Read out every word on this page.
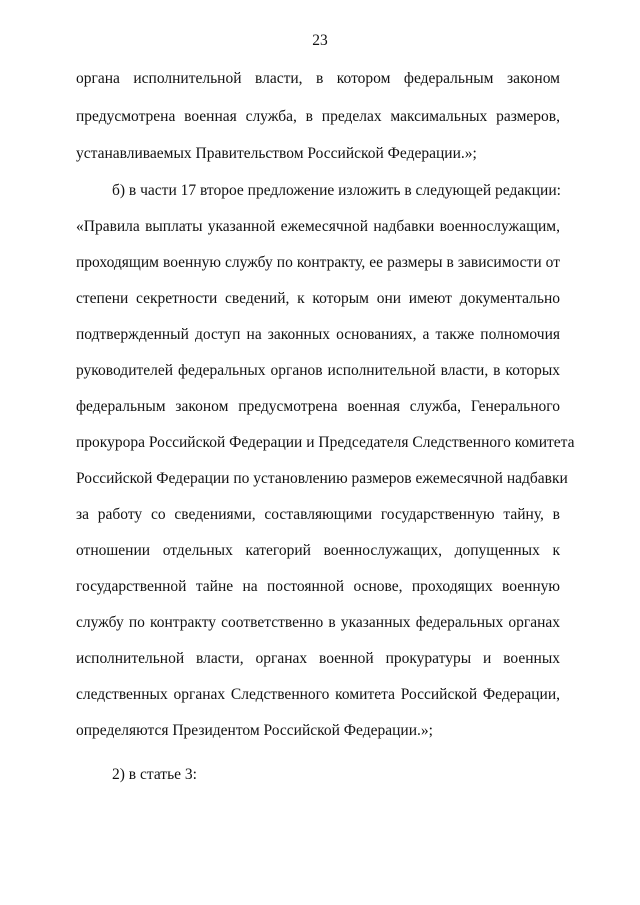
23
органа исполнительной власти, в котором федеральным законом
предусмотрена военная служба, в пределах максимальных размеров,
устанавливаемых Правительством Российской Федерации.»;
б) в части 17 второе предложение изложить в следующей редакции:
«Правила выплаты указанной ежемесячной надбавки военнослужащим,
проходящим военную службу по контракту, ее размеры в зависимости от
степени секретности сведений, к которым они имеют документально
подтвержденный доступ на законных основаниях, а также полномочия
руководителей федеральных органов исполнительной власти, в которых
федеральным законом предусмотрена военная служба, Генерального
прокурора Российской Федерации и Председателя Следственного комитета
Российской Федерации по установлению размеров ежемесячной надбавки
за работу со сведениями, составляющими государственную тайну, в
отношении отдельных категорий военнослужащих, допущенных к
государственной тайне на постоянной основе, проходящих военную
службу по контракту соответственно в указанных федеральных органах
исполнительной власти, органах военной прокуратуры и военных
следственных органах Следственного комитета Российской Федерации,
определяются Президентом Российской Федерации.»;
2) в статье 3:
